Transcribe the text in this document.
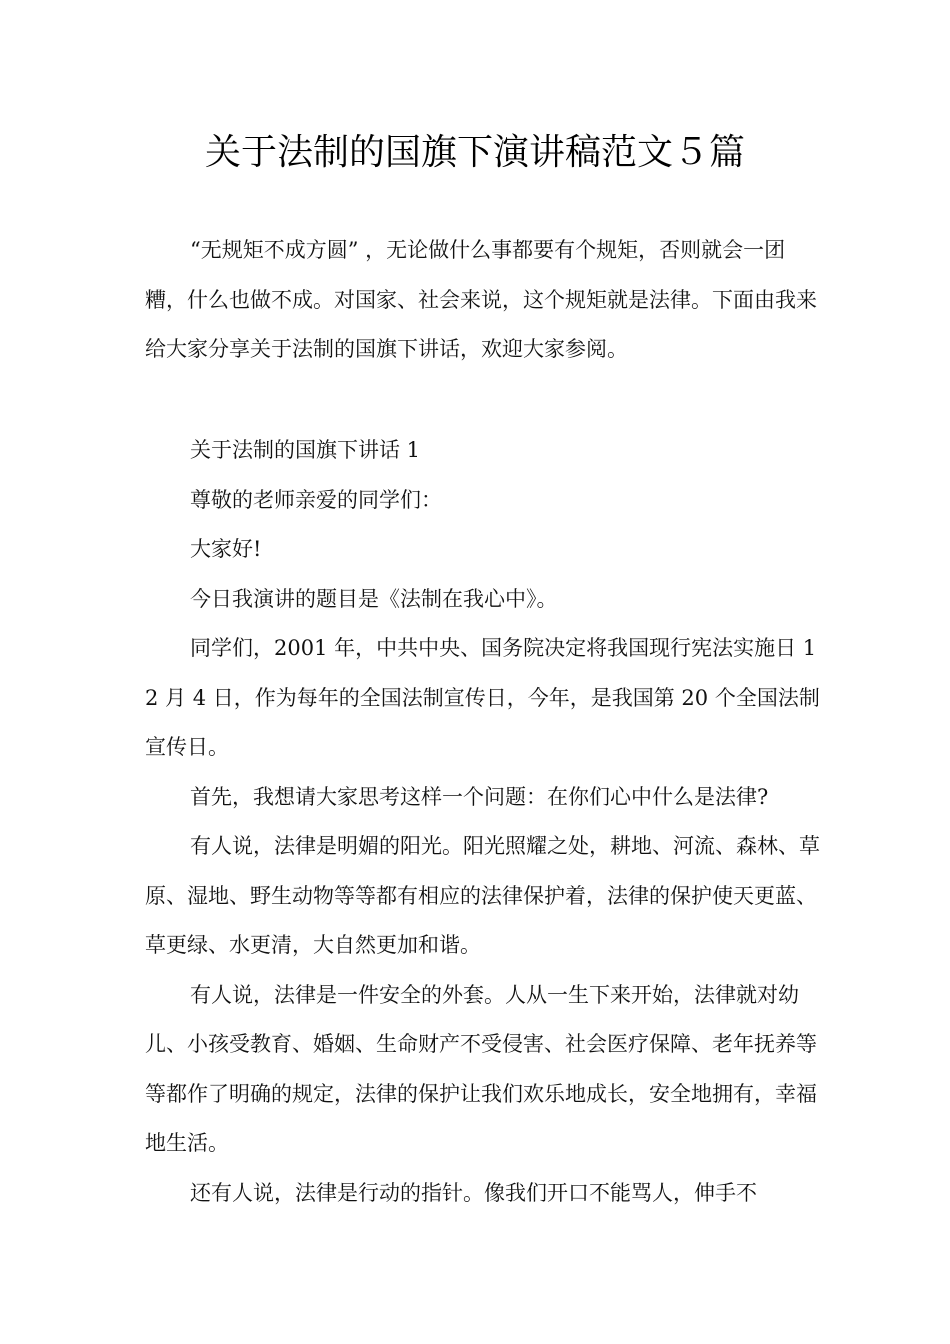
关于法制的国旗下演讲稿范文５篇

“无规矩不成方圆” ，无论做什么事都要有个规矩，否则就会一团糟，什么也做不成。对国家、社会来说，这个规矩就是法律。下面由我来给大家分享关于法制的国旗下讲话，欢迎大家参阅。

关于法制的国旗下讲话 1

尊敬的老师亲爱的同学们：

大家好!

今日我演讲的题目是《法制在我心中》。

同学们，2001 年，中共中央、国务院决定将我国现行宪法实施日 12 月 4 日，作为每年的全国法制宣传日，今年，是我国第 20 个全国法制宣传日。

首先，我想请大家思考这样一个问题：在你们心中什么是法律?

有人说，法律是明媚的阳光。阳光照耀之处，耕地、河流、森林、草原、湿地、野生动物等等都有相应的法律保护着，法律的保护使天更蓝、草更绿、水更清，大自然更加和谐。

有人说，法律是一件安全的外套。人从一生下来开始，法律就对幼儿、小孩受教育、婚姻、生命财产不受侵害、社会医疗保障、老年抚养等等都作了明确的规定，法律的保护让我们欢乐地成长，安全地拥有，幸福地生活。

还有人说，法律是行动的指针。像我们开口不能骂人，伸手不
